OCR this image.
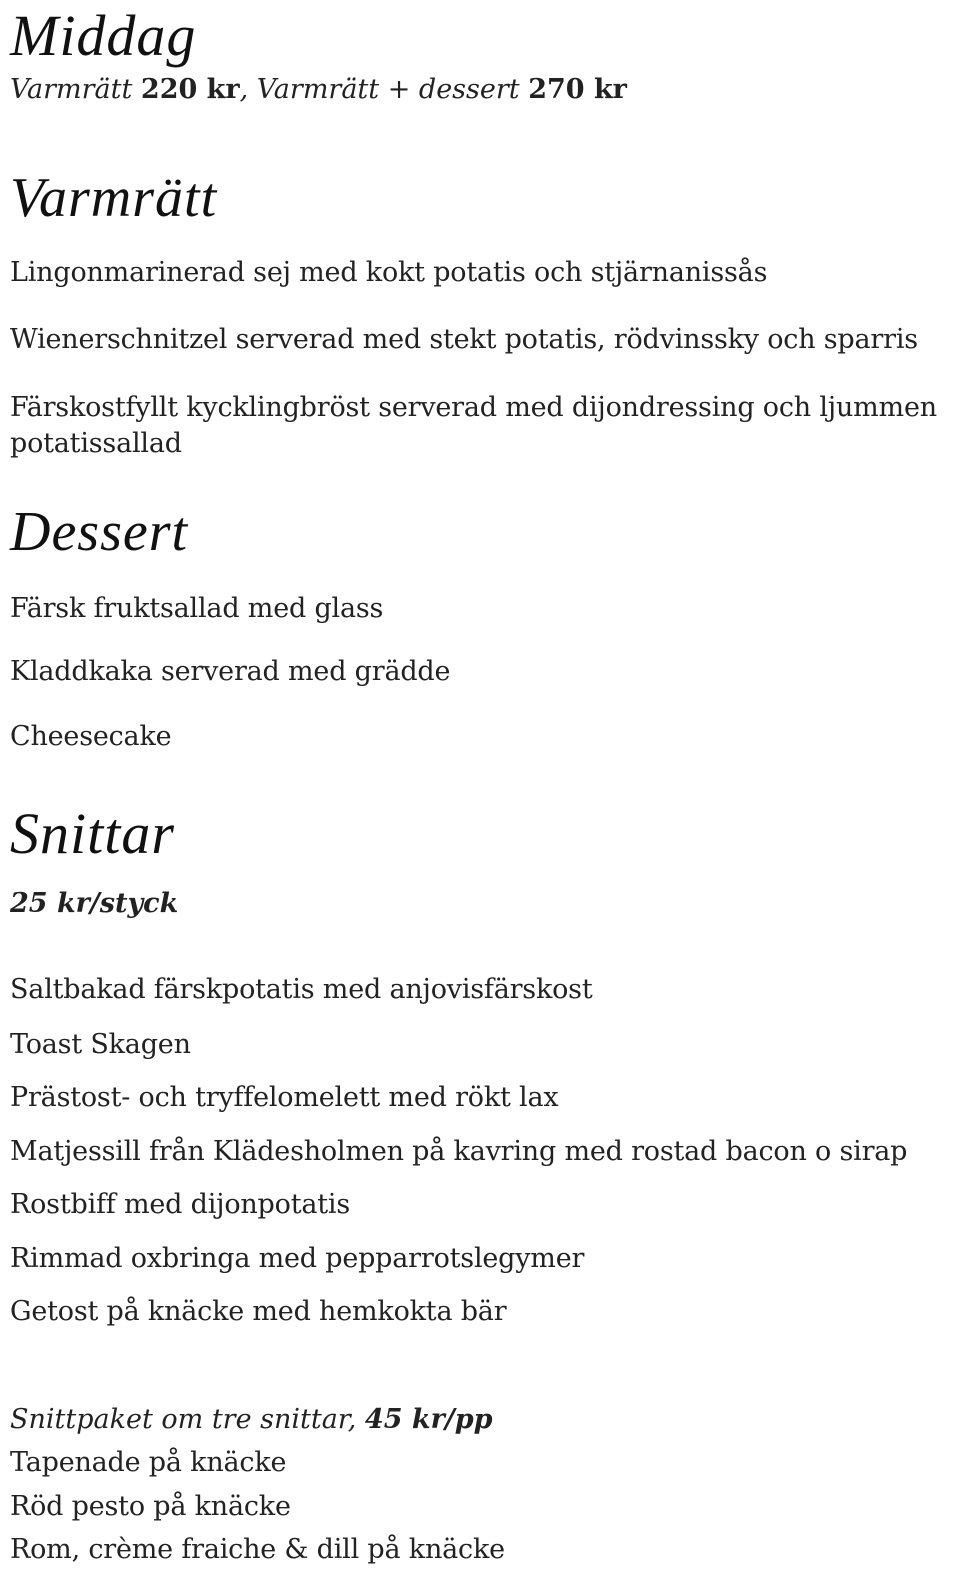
Middag
Varmrätt 220 kr, Varmrätt + dessert 270 kr
Varmrätt
Lingonmarinerad sej med kokt potatis och stjärnanissås
Wienerschnitzel serverad med stekt potatis, rödvinssky och sparris
Färskostfyllt kycklingbröst serverad med dijondressing och ljummen
potatissallad
Dessert
Färsk fruktsallad med glass
Kladdkaka serverad med grädde
Cheesecake
Snittar
25 kr/styck
Saltbakad färskpotatis med anjovisfärskost
Toast Skagen
Prästost- och tryffelomelett med rökt lax
Matjessill från Klädesholmen på kavring med rostad bacon o sirap
Rostbiff med dijonpotatis
Rimmad oxbringa med pepparrotslegymer
Getost på knäcke med hemkokta bär
Snittpaket om tre snittar, 45 kr/pp
Tapenade på knäcke
Röd pesto på knäcke
Rom, crème fraiche & dill på knäcke
